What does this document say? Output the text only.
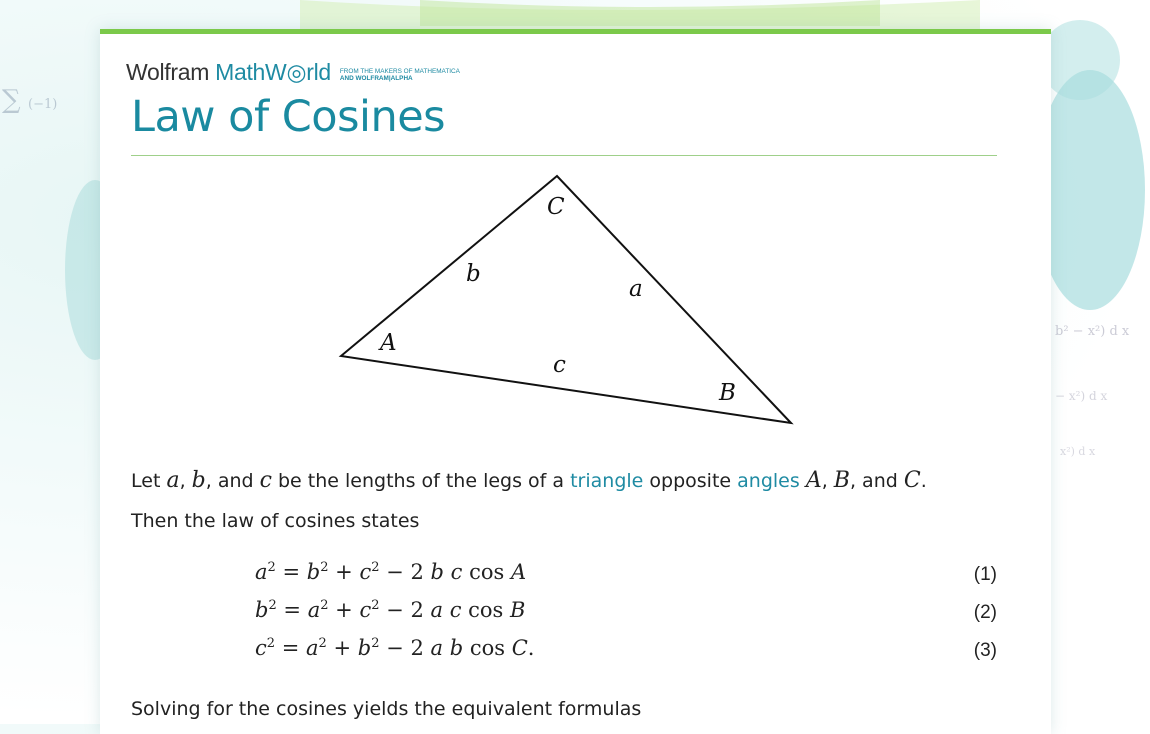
∑ (−1)
b² − x²) d x
− x²) d x
x²) d x
Wolfram MathW◎rld FROM THE MAKERS OF MATHEMATICA
AND WOLFRAM|ALPHA
Law of Cosines
C
A
B
b
a
c

Let a, b, and c be the lengths of the legs of a triangle opposite angles A, B, and C.

Then the law of cosines states

$a^2 = b^2 + c^2 - 2$ b c cos A	(1)
$b^2 = a^2 + c^2 - 2$ a c cos B	(2)
$c^2 = a^2 + b^2 - 2$ a b cos C.	(3)

Solving for the cosines yields the equivalent formulas
